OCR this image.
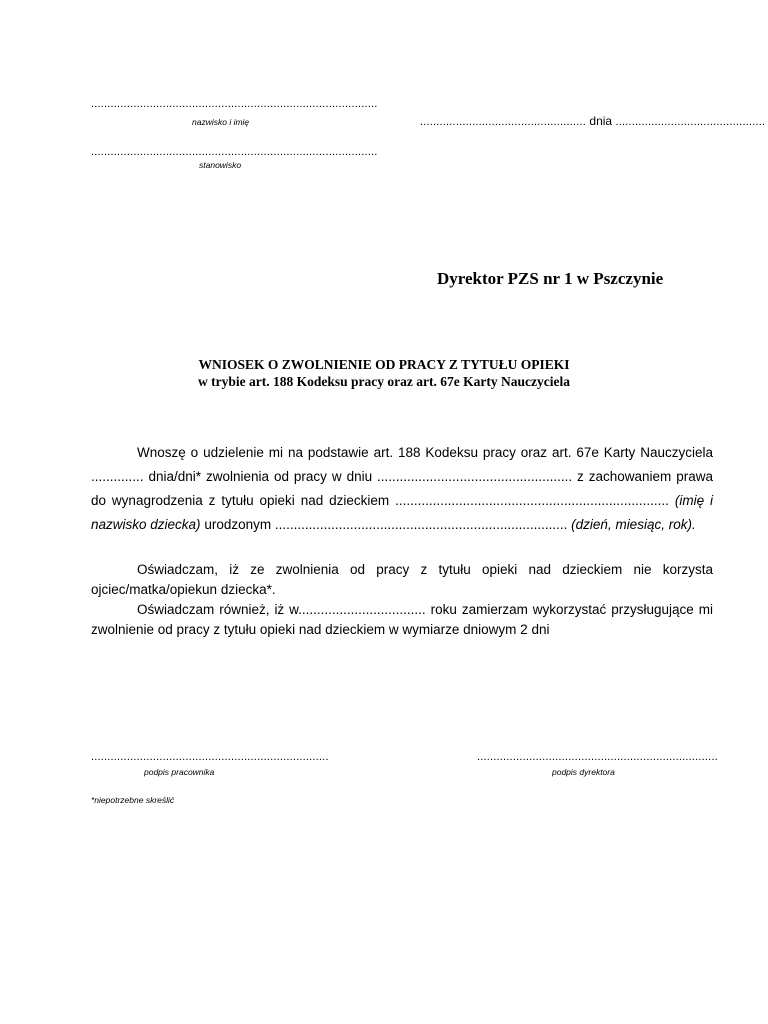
........................................................................................
nazwisko i imię	................................................... dnia ..............................................
........................................................................................
stanowisko
Dyrektor PZS nr 1 w Pszczynie
WNIOSEK O ZWOLNIENIE OD PRACY Z TYTUŁU OPIEKI
w trybie art. 188 Kodeksu pracy oraz art. 67e Karty Nauczyciela
Wnoszę o udzielenie mi na podstawie art. 188 Kodeksu pracy oraz art. 67e Karty Nauczyciela .............. dnia/dni* zwolnienia od pracy w dniu .................................................... z zachowaniem prawa do wynagrodzenia z tytułu opieki nad dzieckiem ......................................................................... (imię i nazwisko dziecka) urodzonym .............................................................................. (dzień, miesiąc, rok).
Oświadczam, iż ze zwolnienia od pracy z tytułu opieki nad dzieckiem nie korzysta ojciec/matka/opiekun dziecka*.
Oświadczam również, iż w.................................. roku zamierzam wykorzystać przysługujące mi zwolnienie od pracy z tytułu opieki nad dzieckiem w wymiarze dniowym 2 dni
.........................................................................
podpis pracownika
..........................................................................
podpis dyrektora
*niepotrzebne skreślić
